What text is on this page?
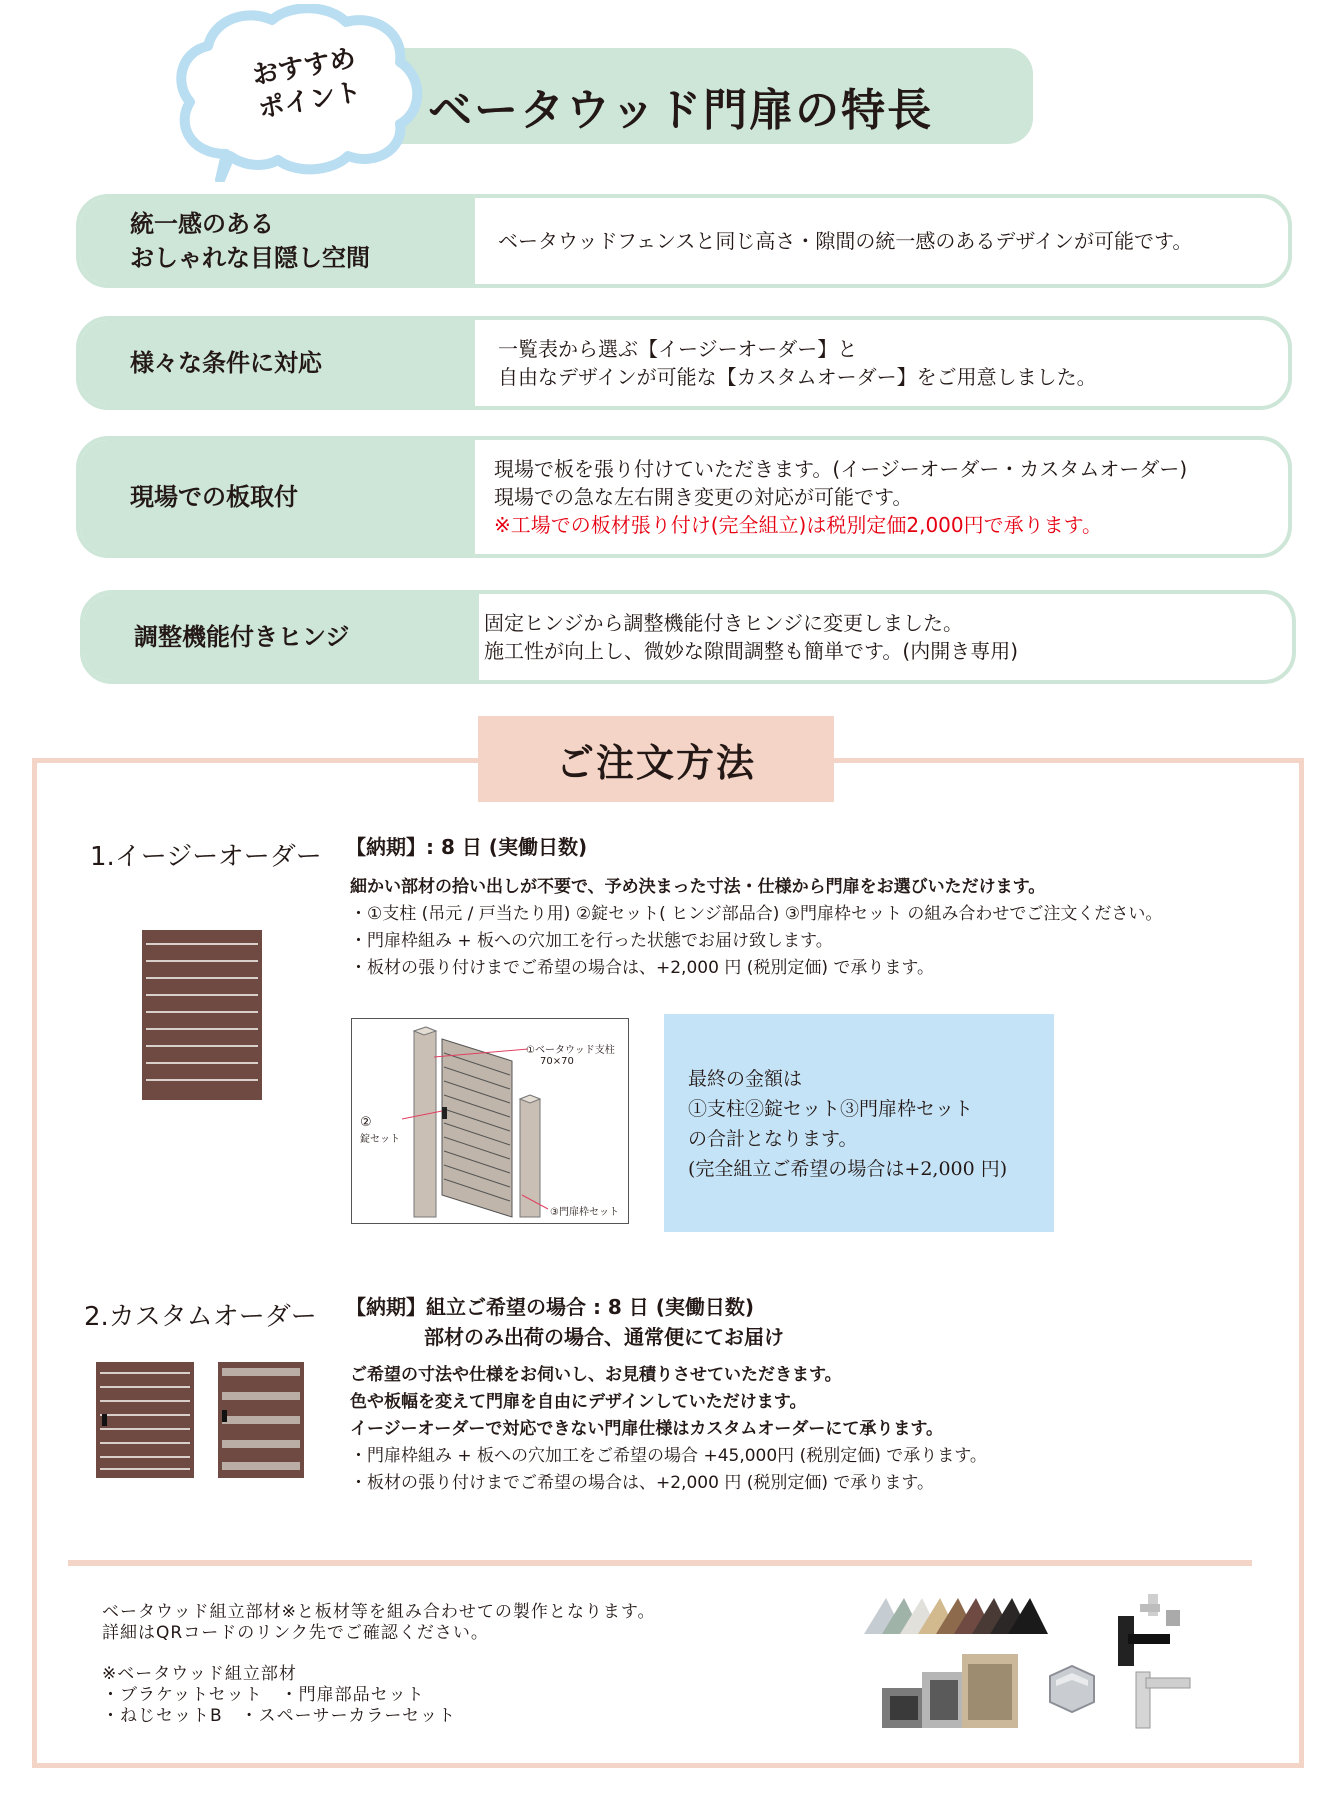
ベータウッド門扉の特長
おすすめ
ポイント
統一感のある
おしゃれな目隠し空間
ベータウッドフェンスと同じ高さ・隙間の統一感のあるデザインが可能です。
様々な条件に対応	一覧表から選ぶ【イージーオーダー】と
自由なデザインが可能な【カスタムオーダー】をご用意しました。
現場での板取付
現場で板を張り付けていただきます。(イージーオーダー・カスタムオーダー)
現場での急な左右開き変更の対応が可能です。
※工場での板材張り付け(完全組立)は税別定価2,000円で承ります。
調整機能付きヒンジ	固定ヒンジから調整機能付きヒンジに変更しました。
施工性が向上し、微妙な隙間調整も簡単です。(内開き専用)
ご注文方法
1.イージーオーダー 【納期】: 8 日 (実働日数)
細かい部材の拾い出しが不要で、予め決まった寸法・仕様から門扉をお選びいただけます。
・①支柱 (吊元 / 戸当たり用) ②錠セット( ヒンジ部品合) ③門扉枠セット の組み合わせでご注文ください。
・門扉枠組み + 板への穴加工を行った状態でお届け致します。
・板材の張り付けまでご希望の場合は、+2,000 円 (税別定価) で承ります。
①ベータウッド支柱
70×70
②
錠セット
③門扉枠セット
最終の金額は
①支柱②錠セット③門扉枠セット
の合計となります。
(完全組立ご希望の場合は+2,000 円)
2.カスタムオーダー 【納期】組立ご希望の場合 : 8 日 (実働日数)
部材のみ出荷の場合、通常便にてお届け
ご希望の寸法や仕様をお伺いし、お見積りさせていただきます。
色や板幅を変えて門扉を自由にデザインしていただけます。
イージーオーダーで対応できない門扉仕様はカスタムオーダーにて承ります。
・門扉枠組み + 板への穴加工をご希望の場合 +45,000円 (税別定価) で承ります。
・板材の張り付けまでご希望の場合は、+2,000 円 (税別定価) で承ります。
ベータウッド組立部材※と板材等を組み合わせての製作となります。
詳細はQRコードのリンク先でご確認ください。
※ベータウッド組立部材
・ブラケットセット　・門扉部品セット
・ねじセットB　・スペーサーカラーセット
